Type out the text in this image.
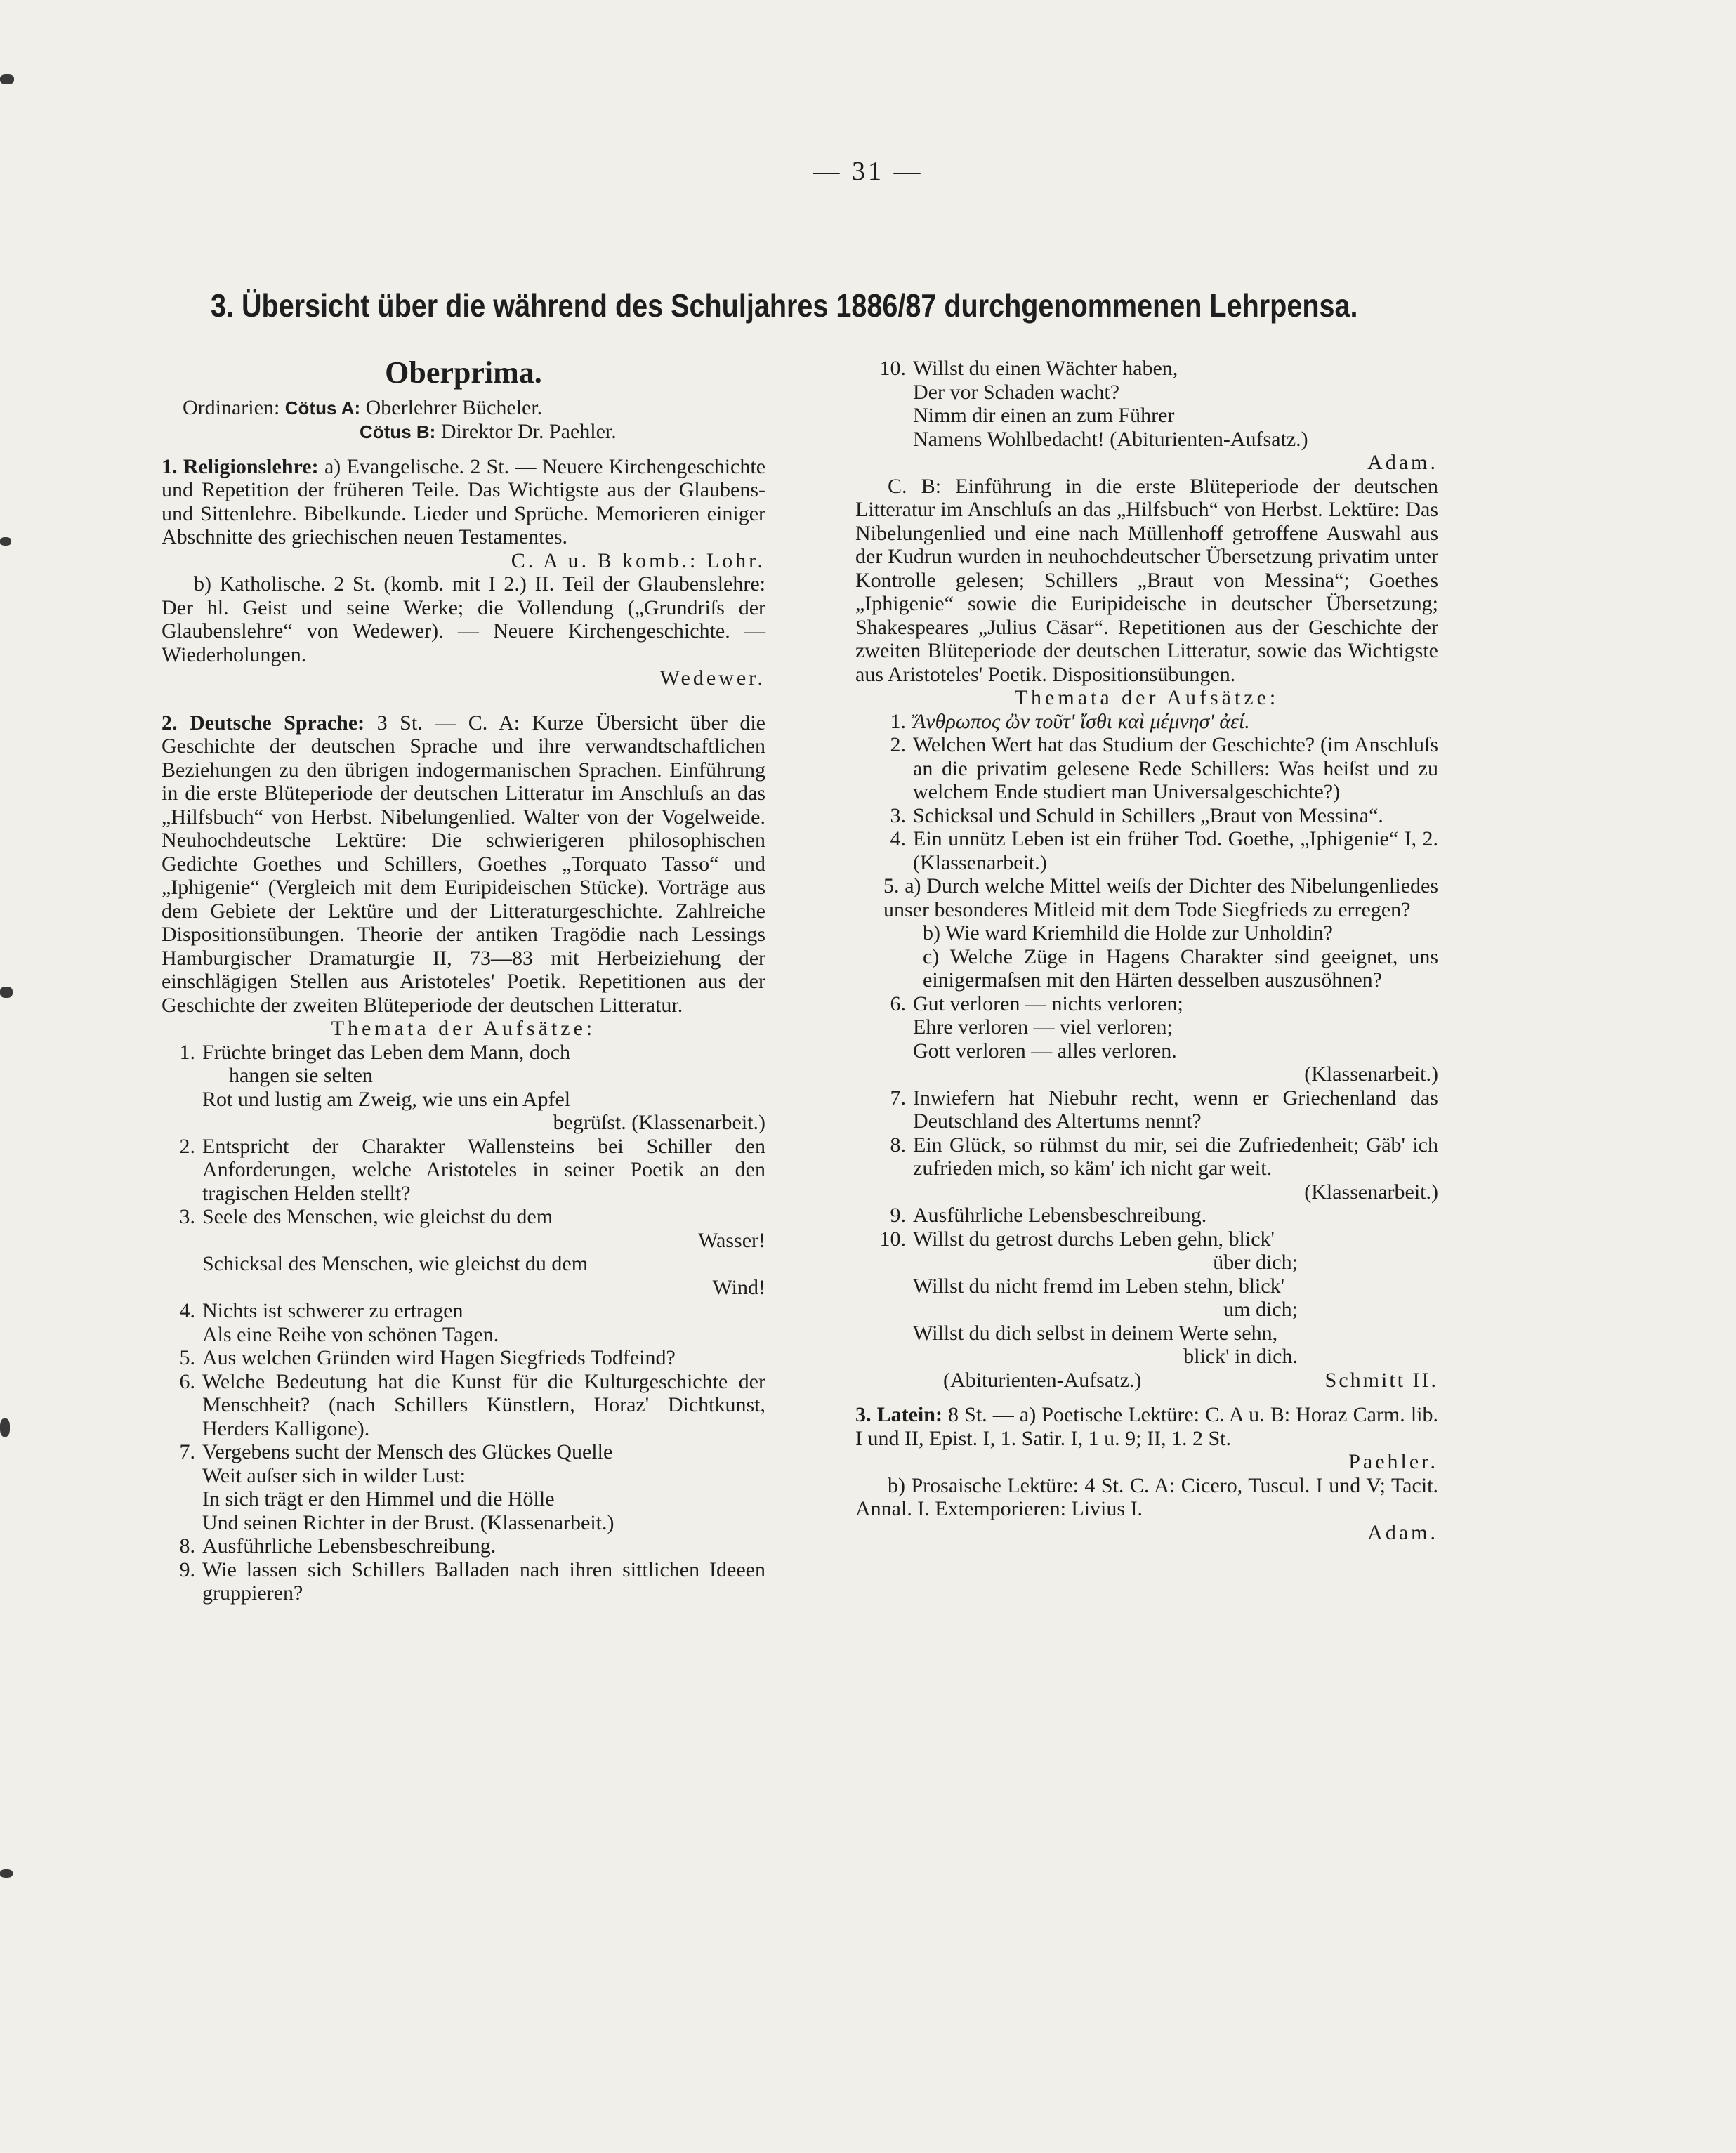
— 31 —
3. Übersicht über die während des Schuljahres 1886/87 durchgenommenen Lehrpensa.
Oberprima.
Ordinarien: Cötus A: Oberlehrer Bücheler.
Cötus B: Direktor Dr. Paehler.

1. Religionslehre: a) Evangelische. 2 St. — Neuere Kirchengeschichte und Repetition der früheren Teile. Das Wichtigste aus der Glaubens- und Sittenlehre. Bibelkunde. Lieder und Sprüche. Memorieren einiger Abschnitte des griechischen neuen Testamentes.

C. A u. B komb.: Lohr.

b) Katholische. 2 St. (komb. mit I 2.) II. Teil der Glaubenslehre: Der hl. Geist und seine Werke; die Vollendung („Grundriſs der Glaubenslehre“ von Wedewer). — Neuere Kirchengeschichte. — Wiederholungen.

Wedewer.

2. Deutsche Sprache: 3 St. — C. A: Kurze Übersicht über die Geschichte der deutschen Sprache und ihre verwandtschaftlichen Beziehungen zu den übrigen indogermanischen Sprachen. Einführung in die erste Blüteperiode der deutschen Litteratur im Anschluſs an das „Hilfsbuch“ von Herbst. Nibelungenlied. Walter von der Vogelweide. Neuhochdeutsche Lektüre: Die schwierigeren philosophischen Gedichte Goethes und Schillers, Goethes „Torquato Tasso“ und „Iphigenie“ (Vergleich mit dem Euripideischen Stücke). Vorträge aus dem Gebiete der Lektüre und der Litteraturgeschichte. Zahlreiche Dispositionsübungen. Theorie der antiken Tragödie nach Lessings Hamburgischer Dramaturgie II, 73—83 mit Herbeiziehung der einschlägigen Stellen aus Aristoteles' Poetik. Repetitionen aus der Geschichte der zweiten Blüteperiode der deutschen Litteratur.

Themata der Aufsätze:

1. Früchte bringet das Leben dem Mann, doch

hangen sie selten

Rot und lustig am Zweig, wie uns ein Apfel

begrüſst. (Klassenarbeit.)

2. Entspricht der Charakter Wallensteins bei Schiller den Anforderungen, welche Aristoteles in seiner Poetik an den tragischen Helden stellt?

3. Seele des Menschen, wie gleichst du dem

Wasser!

Schicksal des Menschen, wie gleichst du dem

Wind!

4. Nichts ist schwerer zu ertragen

Als eine Reihe von schönen Tagen.

5. Aus welchen Gründen wird Hagen Siegfrieds Todfeind?

6. Welche Bedeutung hat die Kunst für die Kulturgeschichte der Menschheit? (nach Schillers Künstlern, Horaz' Dichtkunst, Herders Kalligone).

7. Vergebens sucht der Mensch des Glückes Quelle

Weit auſser sich in wilder Lust:

In sich trägt er den Himmel und die Hölle

Und seinen Richter in der Brust. (Klassenarbeit.)

8. Ausführliche Lebensbeschreibung.

9. Wie lassen sich Schillers Balladen nach ihren sittlichen Ideeen gruppieren?

10. Willst du einen Wächter haben,

Der vor Schaden wacht?

Nimm dir einen an zum Führer

Namens Wohlbedacht! (Abiturienten-Aufsatz.)

Adam.

C. B: Einführung in die erste Blüteperiode der deutschen Litteratur im Anschluſs an das „Hilfsbuch“ von Herbst. Lektüre: Das Nibelungenlied und eine nach Müllenhoff getroffene Auswahl aus der Kudrun wurden in neuhochdeutscher Übersetzung privatim unter Kontrolle gelesen; Schillers „Braut von Messina“; Goethes „Iphigenie“ sowie die Euripideische in deutscher Übersetzung; Shakespeares „Julius Cäsar“. Repetitionen aus der Geschichte der zweiten Blüteperiode der deutschen Litteratur, sowie das Wichtigste aus Aristoteles' Poetik. Dispositionsübungen.

Themata der Aufsätze:

1. Ἄνθρωπος ὢν τοῦτ' ἴσθι καὶ μέμνησ' ἀεί.

2. Welchen Wert hat das Studium der Geschichte? (im Anschluſs an die privatim gelesene Rede Schillers: Was heiſst und zu welchem Ende studiert man Universalgeschichte?)

3. Schicksal und Schuld in Schillers „Braut von Messina“.

4. Ein unnütz Leben ist ein früher Tod. Goethe, „Iphigenie“ I, 2. (Klassenarbeit.)

5. a) Durch welche Mittel weiſs der Dichter des Nibelungenliedes unser besonderes Mitleid mit dem Tode Siegfrieds zu erregen?

b) Wie ward Kriemhild die Holde zur Unholdin?

c) Welche Züge in Hagens Charakter sind geeignet, uns einigermaſsen mit den Härten desselben auszusöhnen?

6. Gut verloren — nichts verloren;

Ehre verloren — viel verloren;

Gott verloren — alles verloren.

(Klassenarbeit.)

7. Inwiefern hat Niebuhr recht, wenn er Griechenland das Deutschland des Altertums nennt?

8. Ein Glück, so rühmst du mir, sei die Zufriedenheit; Gäb' ich zufrieden mich, so käm' ich nicht gar weit.

(Klassenarbeit.)

9. Ausführliche Lebensbeschreibung.

10. Willst du getrost durchs Leben gehn, blick'

über dich;

Willst du nicht fremd im Leben stehn, blick'

um dich;

Willst du dich selbst in deinem Werte sehn,

blick' in dich.

(Abiturienten-Aufsatz.)	Schmitt II.

3. Latein: 8 St. — a) Poetische Lektüre: C. A u. B: Horaz Carm. lib. I und II, Epist. I, 1. Satir. I, 1 u. 9; II, 1. 2 St.

Paehler.

b) Prosaische Lektüre: 4 St. C. A: Cicero, Tuscul. I und V; Tacit. Annal. I. Extemporieren: Livius I.

Adam.
